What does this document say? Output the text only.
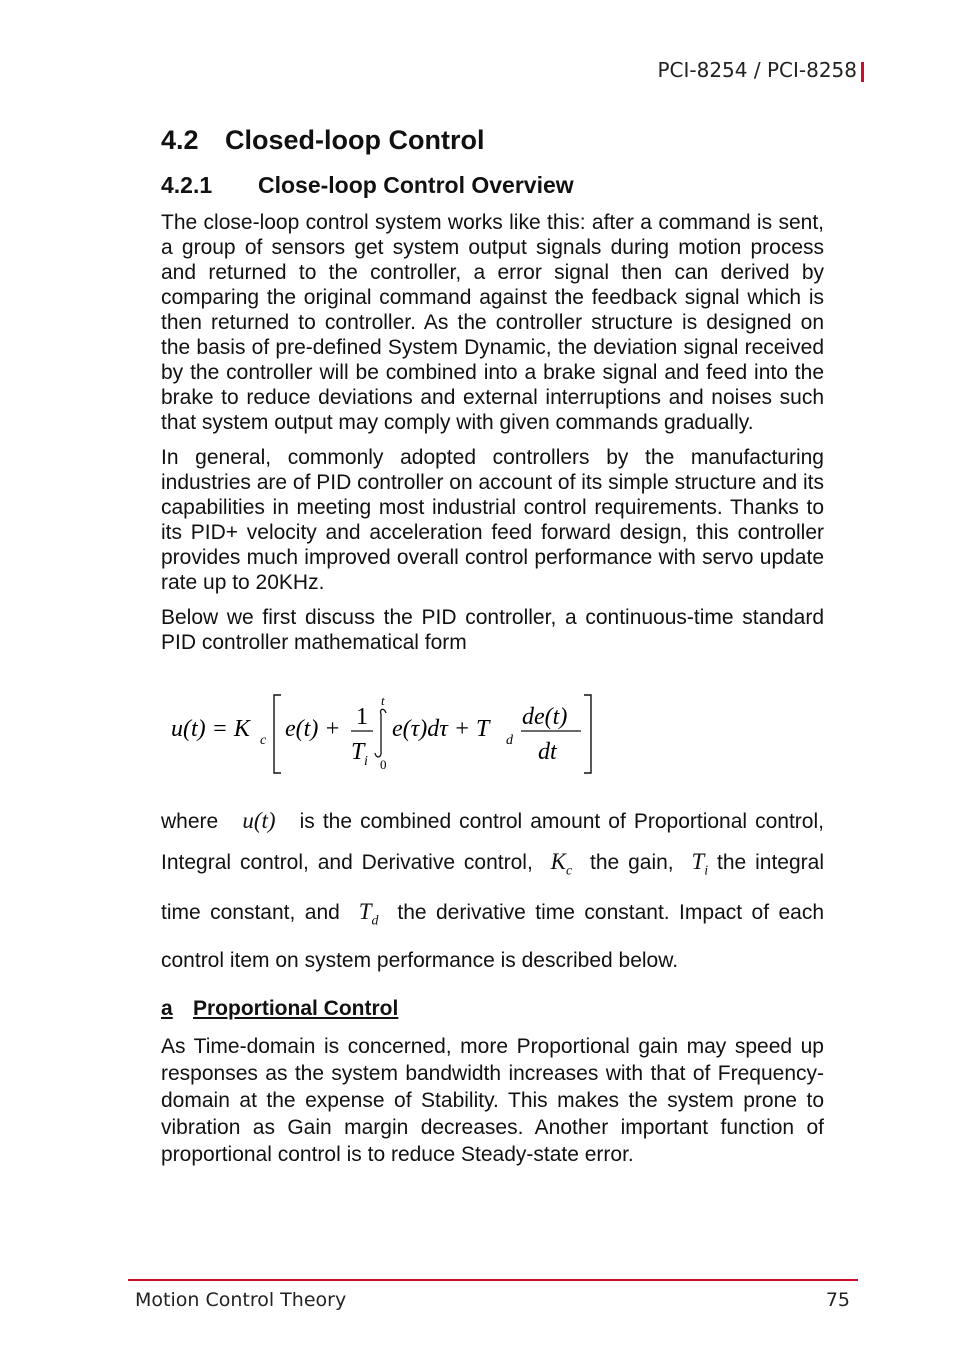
PCI-8254 / PCI-8258
4.2 Closed-loop Control
4.2.1 Close-loop Control Overview

The close-loop control system works like this: after a command is sent, a group of sensors get system output signals during motion process and returned to the controller, a error signal then can derived by comparing the original command against the feedback signal which is then returned to controller. As the controller structure is designed on the basis of pre-defined System Dynamic, the deviation signal received by the controller will be combined into a brake signal and feed into the brake to reduce deviations and external interruptions and noises such that system output may comply with given commands gradually.

In general, commonly adopted controllers by the manufacturing industries are of PID controller on account of its simple structure and its capabilities in meeting most industrial control requirements. Thanks to its PID+ velocity and acceleration feed forward design, this controller provides much improved overall control performance with servo update rate up to 20KHz.

Below we first discuss the PID controller, a continuous-time standard PID controller mathematical form

u(t) = K c e(t) + 1
T i
t
0
e(τ)dτ + T d
de(t)
dt

where u(t) is the combined control amount of Proportional control, Integral control, and Derivative control, $K_c$ the gain, $T_i$ the integral time constant, and $T_d$ the derivative time constant. Impact of each control item on system performance is described below.

a Proportional Control

As Time-domain is concerned, more Proportional gain may speed up responses as the system bandwidth increases with that of Frequency-domain at the expense of Stability. This makes the system prone to vibration as Gain margin decreases. Another important function of proportional control is to reduce Steady-state error.

Motion Control Theory	75
